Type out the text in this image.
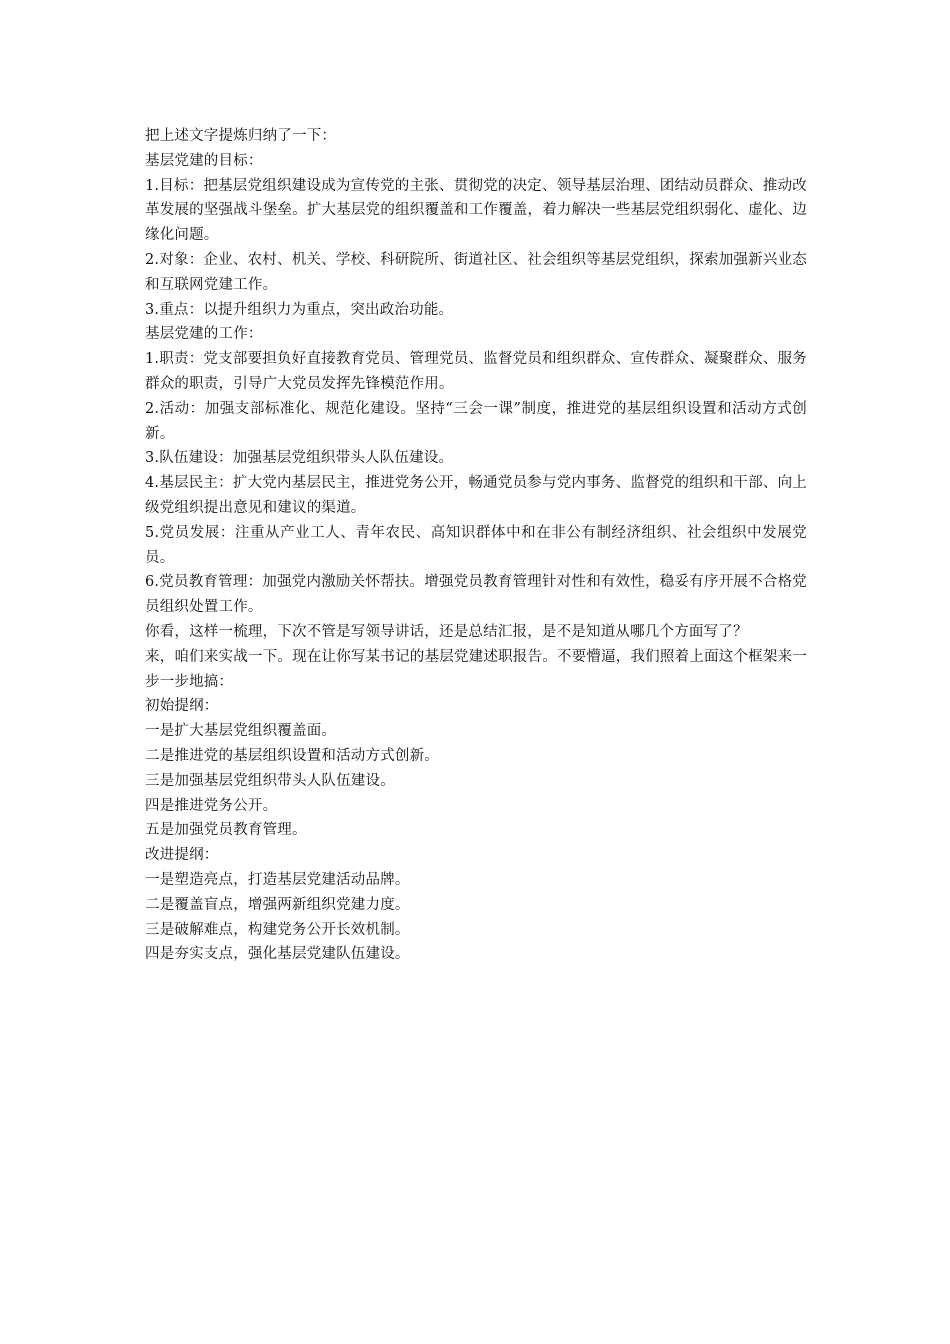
把上述文字提炼归纳了一下：

基层党建的目标：

1.目标：把基层党组织建设成为宣传党的主张、贯彻党的决定、领导基层治理、团结动员群众、推动改革发展的坚强战斗堡垒。扩大基层党的组织覆盖和工作覆盖，着力解决一些基层党组织弱化、虚化、边缘化问题。

2.对象：企业、农村、机关、学校、科研院所、街道社区、社会组织等基层党组织，探索加强新兴业态和互联网党建工作。

3.重点：以提升组织力为重点，突出政治功能。

基层党建的工作：

1.职责：党支部要担负好直接教育党员、管理党员、监督党员和组织群众、宣传群众、凝聚群众、服务群众的职责，引导广大党员发挥先锋模范作用。

2.活动：加强支部标准化、规范化建设。坚持“三会一课”制度，推进党的基层组织设置和活动方式创新。

3.队伍建设：加强基层党组织带头人队伍建设。

4.基层民主：扩大党内基层民主，推进党务公开，畅通党员参与党内事务、监督党的组织和干部、向上级党组织提出意见和建议的渠道。

5.党员发展：注重从产业工人、青年农民、高知识群体中和在非公有制经济组织、社会组织中发展党员。

6.党员教育管理：加强党内激励关怀帮扶。增强党员教育管理针对性和有效性，稳妥有序开展不合格党员组织处置工作。

你看，这样一梳理，下次不管是写领导讲话，还是总结汇报，是不是知道从哪几个方面写了？

来，咱们来实战一下。现在让你写某书记的基层党建述职报告。不要懵逼，我们照着上面这个框架来一步一步地搞：

初始提纲：

一是扩大基层党组织覆盖面。

二是推进党的基层组织设置和活动方式创新。

三是加强基层党组织带头人队伍建设。

四是推进党务公开。

五是加强党员教育管理。

改进提纲：

一是塑造亮点，打造基层党建活动品牌。

二是覆盖盲点，增强两新组织党建力度。

三是破解难点，构建党务公开长效机制。

四是夯实支点，强化基层党建队伍建设。
